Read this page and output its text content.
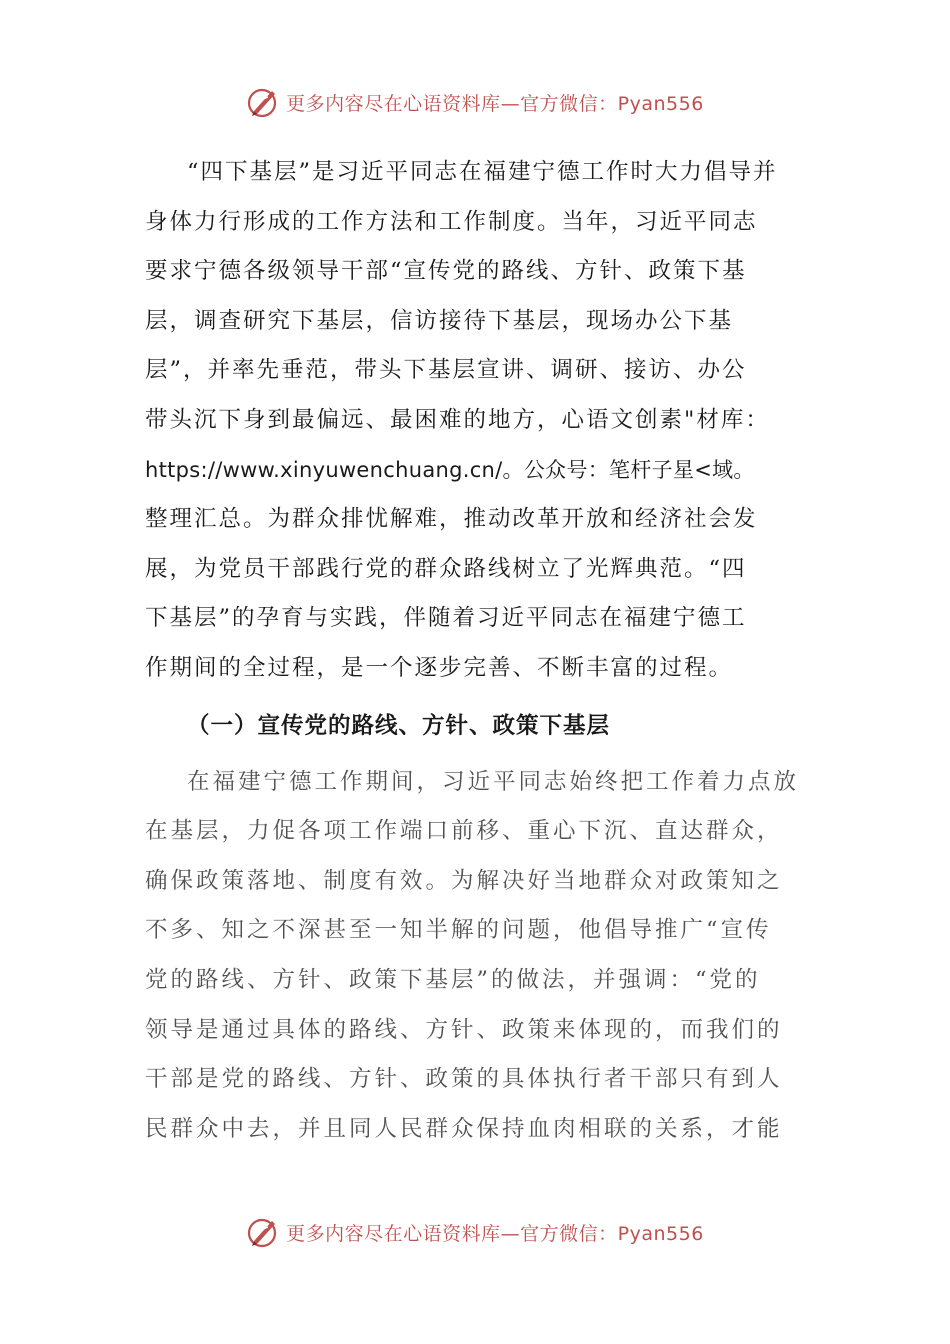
更多内容尽在心语资料库—官方微信：Pyan556
“四下基层”是习近平同志在福建宁德工作时大力倡导并
身体力行形成的工作方法和工作制度。当年，习近平同志
要求宁德各级领导干部“宣传党的路线、方针、政策下基
层，调查研究下基层，信访接待下基层，现场办公下基
层”，并率先垂范，带头下基层宣讲、调研、接访、办公
带头沉下身到最偏远、最困难的地方，心语文创素"材库：
https://www.xinyuwenchuang.cn/。公众号：笔杆子星<域。
整理汇总。为群众排忧解难，推动改革开放和经济社会发
展，为党员干部践行党的群众路线树立了光辉典范。“四
下基层”的孕育与实践，伴随着习近平同志在福建宁德工
作期间的全过程，是一个逐步完善、不断丰富的过程。
（一）宣传党的路线、方针、政策下基层
在福建宁德工作期间，习近平同志始终把工作着力点放
在基层，力促各项工作端口前移、重心下沉、直达群众，
确保政策落地、制度有效。为解决好当地群众对政策知之
不多、知之不深甚至一知半解的问题，他倡导推广“宣传
党的路线、方针、政策下基层”的做法，并强调：“党的
领导是通过具体的路线、方针、政策来体现的，而我们的
干部是党的路线、方针、政策的具体执行者干部只有到人
民群众中去，并且同人民群众保持血肉相联的关系，才能
更多内容尽在心语资料库—官方微信：Pyan556
